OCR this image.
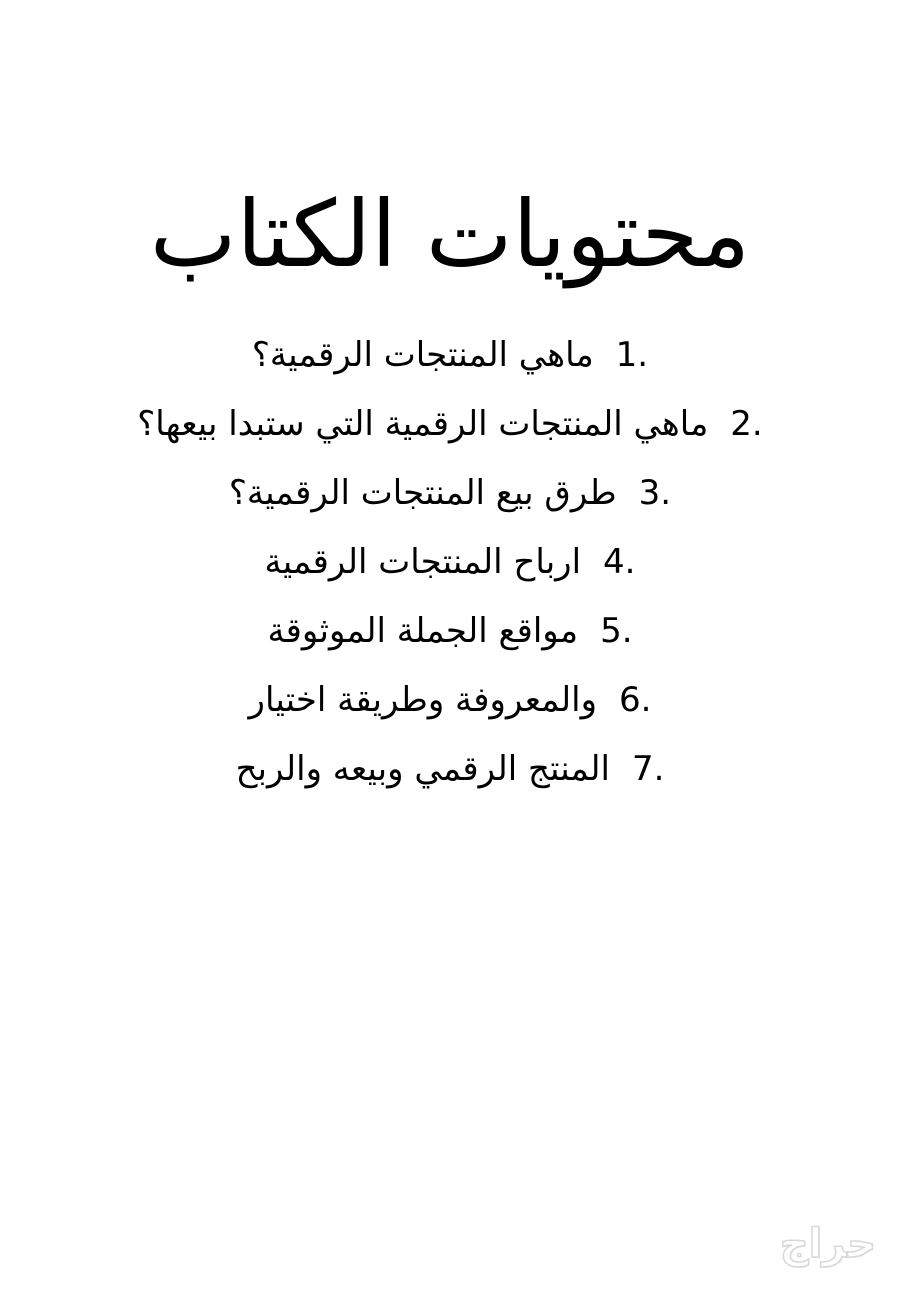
محتويات الكتاب
ماهي المنتجات الرقمية؟ 1.
ماهي المنتجات الرقمية التي ستبدا بيعها؟ 2.
طرق بيع المنتجات الرقمية؟ 3.
ارباح المنتجات الرقمية 4.
مواقع الجملة الموثوقة 5.
والمعروفة وطريقة اختيار 6.
المنتج الرقمي وبيعه والربح 7.
حراج
